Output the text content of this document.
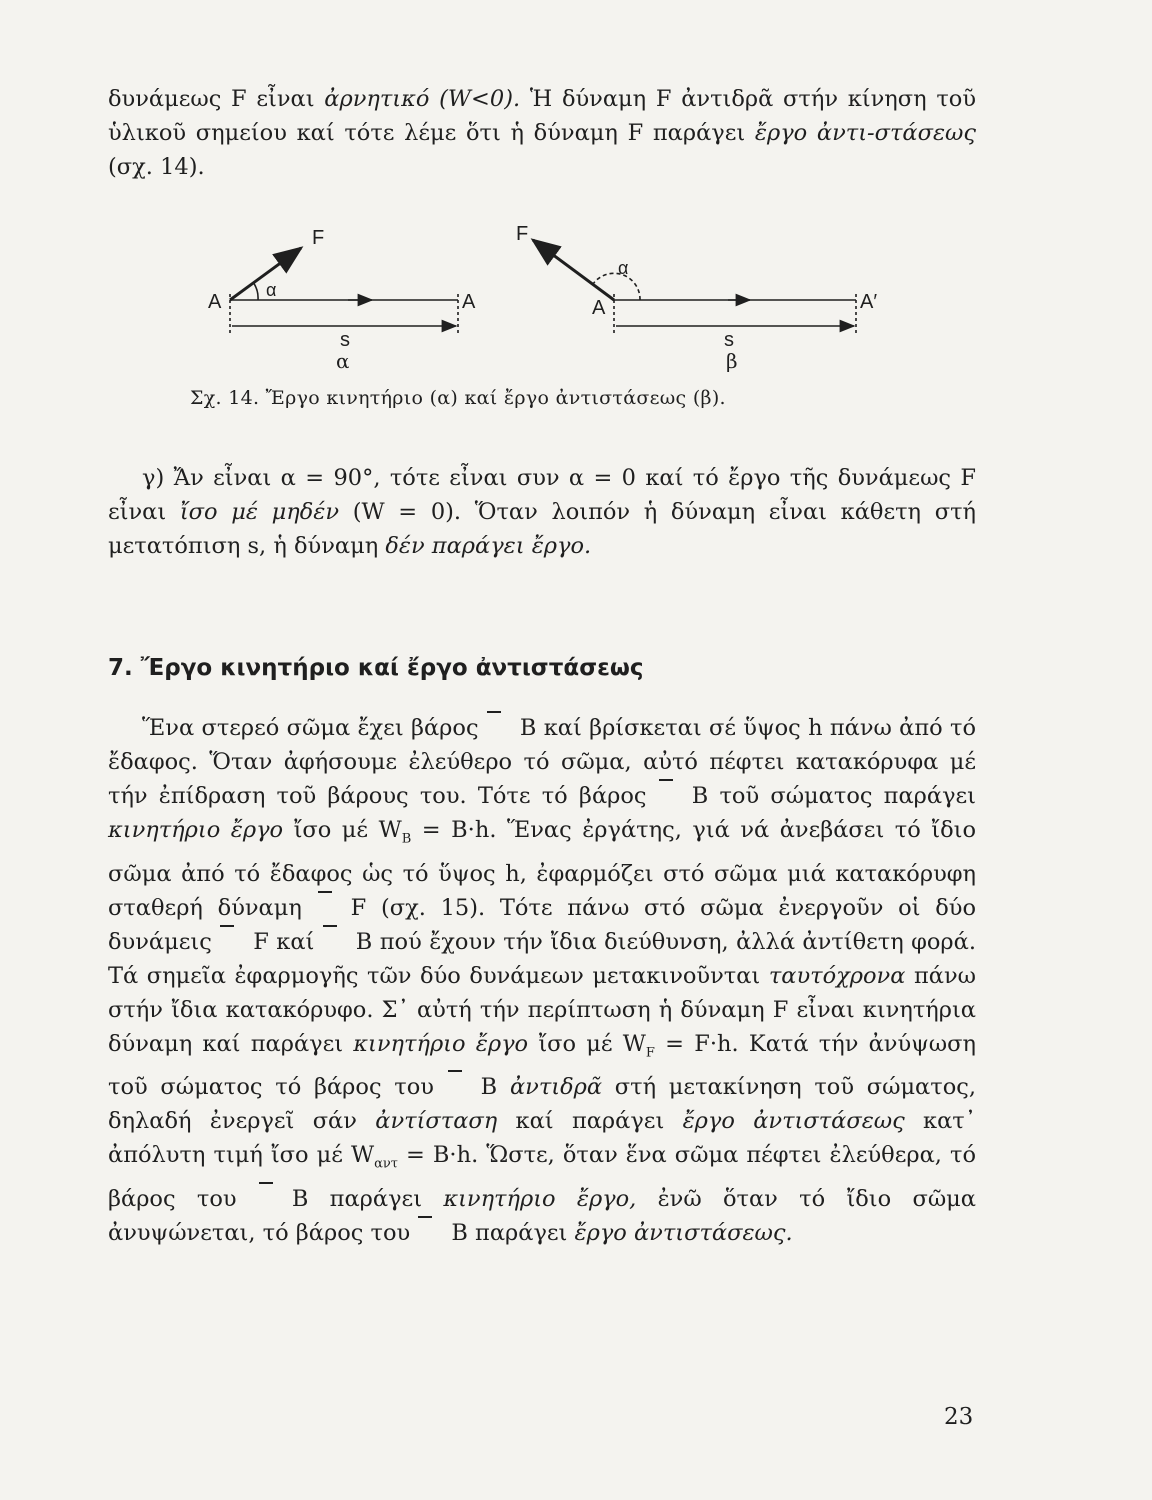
δυνάμεως F εἶναι ἀρνητικό (W<0). Ἡ δύναμη F ἀντιδρᾶ στήν κίνηση τοῦ ὑλικοῦ σημείου καί τότε λέμε ὅτι ἡ δύναμη F παράγει ἔργο ἀντι-στάσεως (σχ. 14).

F
α
A	A
s
F
α
A	A′
s
α	β
Σχ. 14. Ἔργο κινητήριο (α) καί ἔργο ἀντιστάσεως (β).

γ) Ἄν εἶναι α = 90°, τότε εἶναι συν α = 0 καί τό ἔργο τῆς δυνάμεως F εἶναι ἴσο μέ μηδέν (W = 0). Ὅταν λοιπόν ἡ δύναμη εἶναι κάθετη στή μετατόπιση s, ἡ δύναμη δέν παράγει ἔργο.

7. Ἔργο κινητήριο καί ἔργο ἀντιστάσεως

Ἕνα στερεό σῶμα ἔχει βάρος B καί βρίσκεται σέ ὕψος h πάνω ἀπό τό ἔδαφος. Ὅταν ἀφήσουμε ἐλεύθερο τό σῶμα, αὐτό πέφτει κατακόρυφα μέ τήν ἐπίδραση τοῦ βάρους του. Τότε τό βάρος B τοῦ σώματος παράγει κινητήριο ἔργο ἴσο μέ $W_B = B\cdot h$. Ἕνας ἐργάτης, γιά νά ἀνεβάσει τό ἴδιο σῶμα ἀπό τό ἔδαφος ὡς τό ὕψος h, ἐφαρμόζει στό σῶμα μιά κατακόρυφη σταθερή δύναμη F (σχ. 15). Τότε πάνω στό σῶμα ἐνεργοῦν οἱ δύο δυνάμεις F καί B πού ἔχουν τήν ἴδια διεύθυνση, ἀλλά ἀντίθετη φορά. Τά σημεῖα ἐφαρμογῆς τῶν δύο δυνάμεων μετακινοῦνται ταυτόχρονα πάνω στήν ἴδια κατακόρυφο. Σ᾽ αὐτή τήν περίπτωση ἡ δύναμη F εἶναι κινητήρια δύναμη καί παράγει κινητήριο ἔργο ἴσο μέ $W_F = F\cdot h$. Κατά τήν ἀνύψωση τοῦ σώματος τό βάρος του B ἀντιδρᾶ στή μετακίνηση τοῦ σώματος, δηλαδή ἐνεργεῖ σάν ἀντίσταση καί παράγει ἔργο ἀντιστάσεως κατ᾽ ἀπόλυτη τιμή ἴσο μέ $W_{\alpha\nu\tau} = B\cdot h$. Ὥστε, ὅταν ἕνα σῶμα πέφτει ἐλεύθερα, τό βάρος του B παράγει κινητήριο ἔργο, ἐνῶ ὅταν τό ἴδιο σῶμα ἀνυψώνεται, τό βάρος του B παράγει ἔργο ἀντιστάσεως.

23
